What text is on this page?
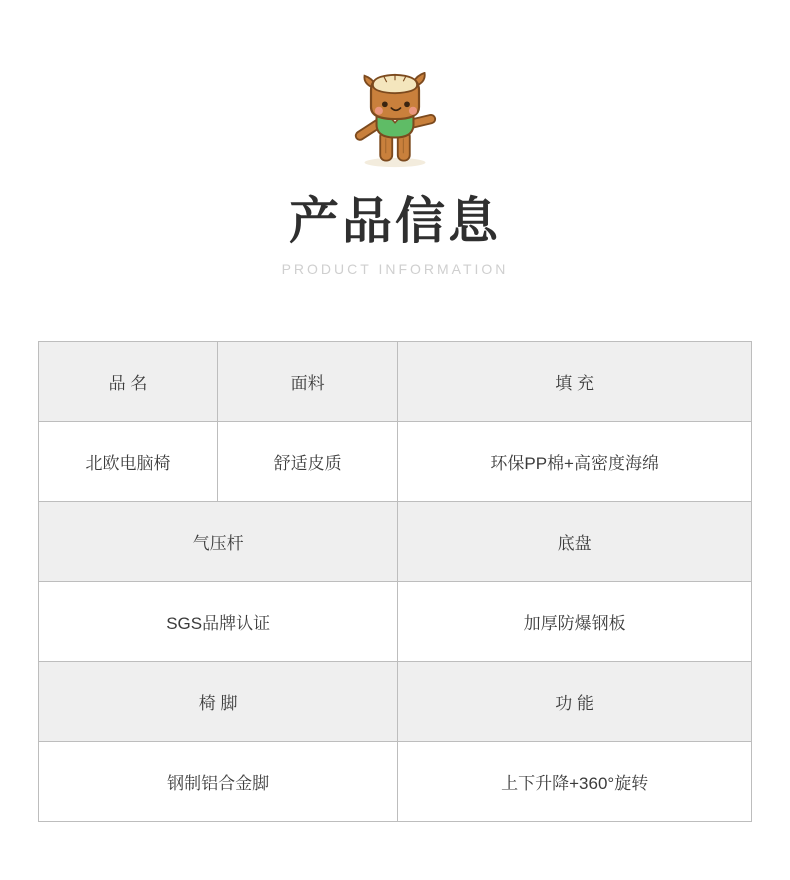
产品信息
PRODUCT INFORMATION
品 名	面料	填 充
北欧电脑椅	舒适皮质	环保PP棉+高密度海绵
气压杆		底盘
SGS品牌认证		加厚防爆钢板
椅 脚		功 能
钢制铝合金脚		上下升降+360°旋转
